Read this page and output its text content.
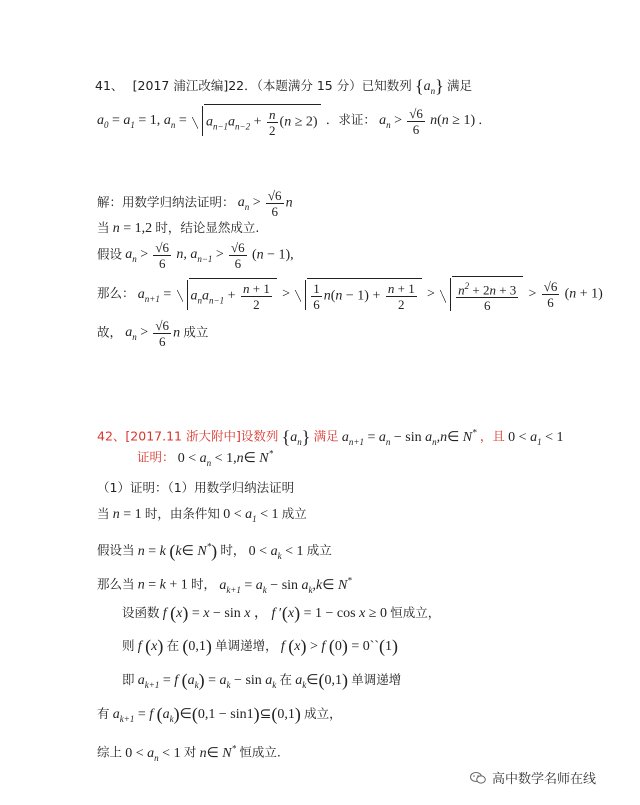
41、 [2017 浦江改编]22．（本题满分 15 分）已知数列 $\{a_n\}$ 满足
$a_0 = a_1 = 1$, $a_n = a_{n-1}a_{n-2} + \frac{n}{2} (n \ge 2)$ ．求证： $a_n > \frac{√6}{6} n(n \ge 1)$ ．
解：用数学归纳法证明： $a_n > \frac{√6}{6}$ n
当 n = 1,2 时，结论显然成立.
假设 $a_n > \frac{√6}{6} n$, $a_{n-1} > \frac{√6}{6} (n - 1)$,
那么： $a_{n+1} = a_na_{n-1} + \frac{n + 1}{2} > \frac{1}{6} n(n - 1) + \frac{n + 1}{2} > \frac{n^2 + 2n + 3}{6} > \frac{√6}{6} (n + 1)$
故， $a_n > \frac{√6}{6}$ n 成立
42、[2017.11 浙大附中]设数列 $\{a_n\}$ 满足 $a_{n+1} = a_n - \sin$ $a_n,n\in$ N* ，且 $0 < a_1 < 1$
证明： $0 < a_n$ < 1,n∈ N*
（1）证明：（1）用数学归纳法证明
当 n = 1 时，由条件知 $0 < a_1 < 1$ 成立
假设当 n = k (k∈ N*) 时， $0 < a_k < 1$ 成立
那么当 n = k + 1 时， $a_{k+1} = a_k - \sin$ $a_k,k\in$ N*
设函数 f (x) = x − sin x ， f ′(x) = 1 − cos x ≥ 0 恒成立，
则 f (x) 在 (0,1) 单调递增， f (x) > f (0) = 0``(1)
即 $a_{k+1} = f$ $(a_k) = a_k - \sin a_k$ 在 $a_k\in(0,1)$ 单调递增
有 $a_{k+1} = f$ $(a_k)\in(0,1$ − sin1)⊆(0,1) 成立，
综上 $0 < a_n < 1$ 对 n∈ N* 恒成立.
高中数学名师在线
